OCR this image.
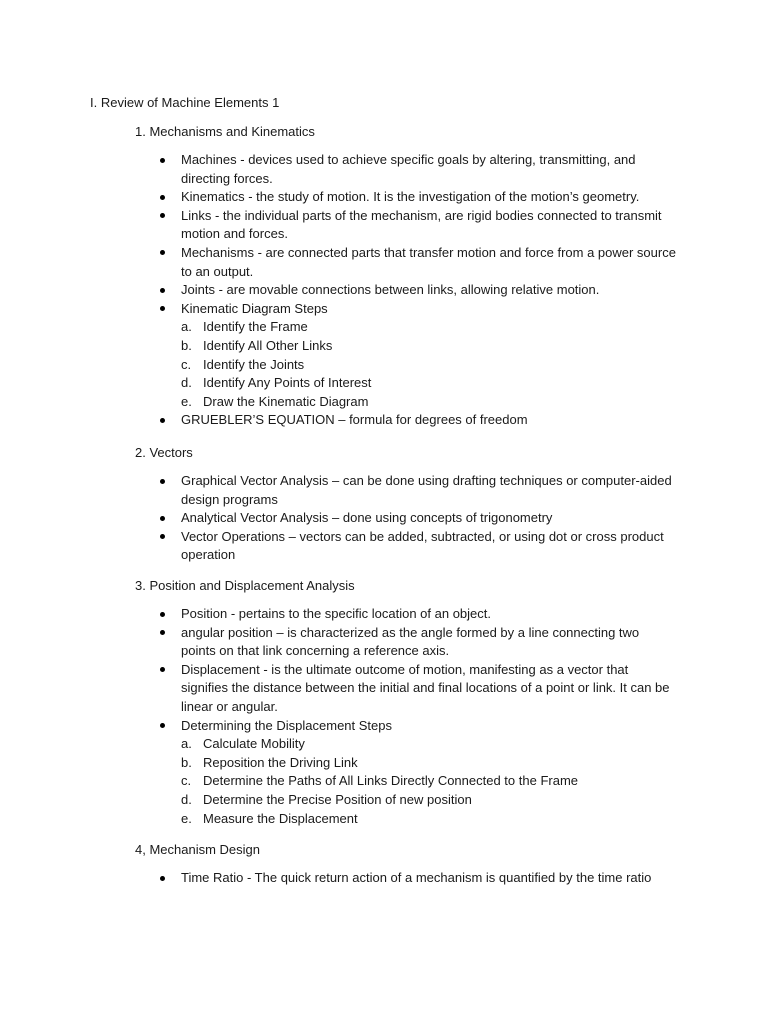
I. Review of Machine Elements 1

1. Mechanisms and Kinematics

Machines - devices used to achieve specific goals by altering, transmitting, and directing forces.
Kinematics - the study of motion. It is the investigation of the motion’s geometry.
Links - the individual parts of the mechanism, are rigid bodies connected to transmit motion and forces.
Mechanisms - are connected parts that transfer motion and force from a power source to an output.
Joints - are movable connections between links, allowing relative motion.
Kinematic Diagram Steps
a. Identify the Frame
b. Identify All Other Links
c. Identify the Joints
d. Identify Any Points of Interest
e. Draw the Kinematic Diagram
GRUEBLER’S EQUATION – formula for degrees of freedom

2. Vectors

Graphical Vector Analysis – can be done using drafting techniques or computer-aided design programs
Analytical Vector Analysis – done using concepts of trigonometry
Vector Operations – vectors can be added, subtracted, or using dot or cross product operation

3. Position and Displacement Analysis

Position - pertains to the specific location of an object.
angular position – is characterized as the angle formed by a line connecting two points on that link concerning a reference axis.
Displacement - is the ultimate outcome of motion, manifesting as a vector that signifies the distance between the initial and final locations of a point or link. It can be linear or angular.
Determining the Displacement Steps
a. Calculate Mobility
b. Reposition the Driving Link
c. Determine the Paths of All Links Directly Connected to the Frame
d. Determine the Precise Position of new position
e. Measure the Displacement

4, Mechanism Design

Time Ratio - The quick return action of a mechanism is quantified by the time ratio
